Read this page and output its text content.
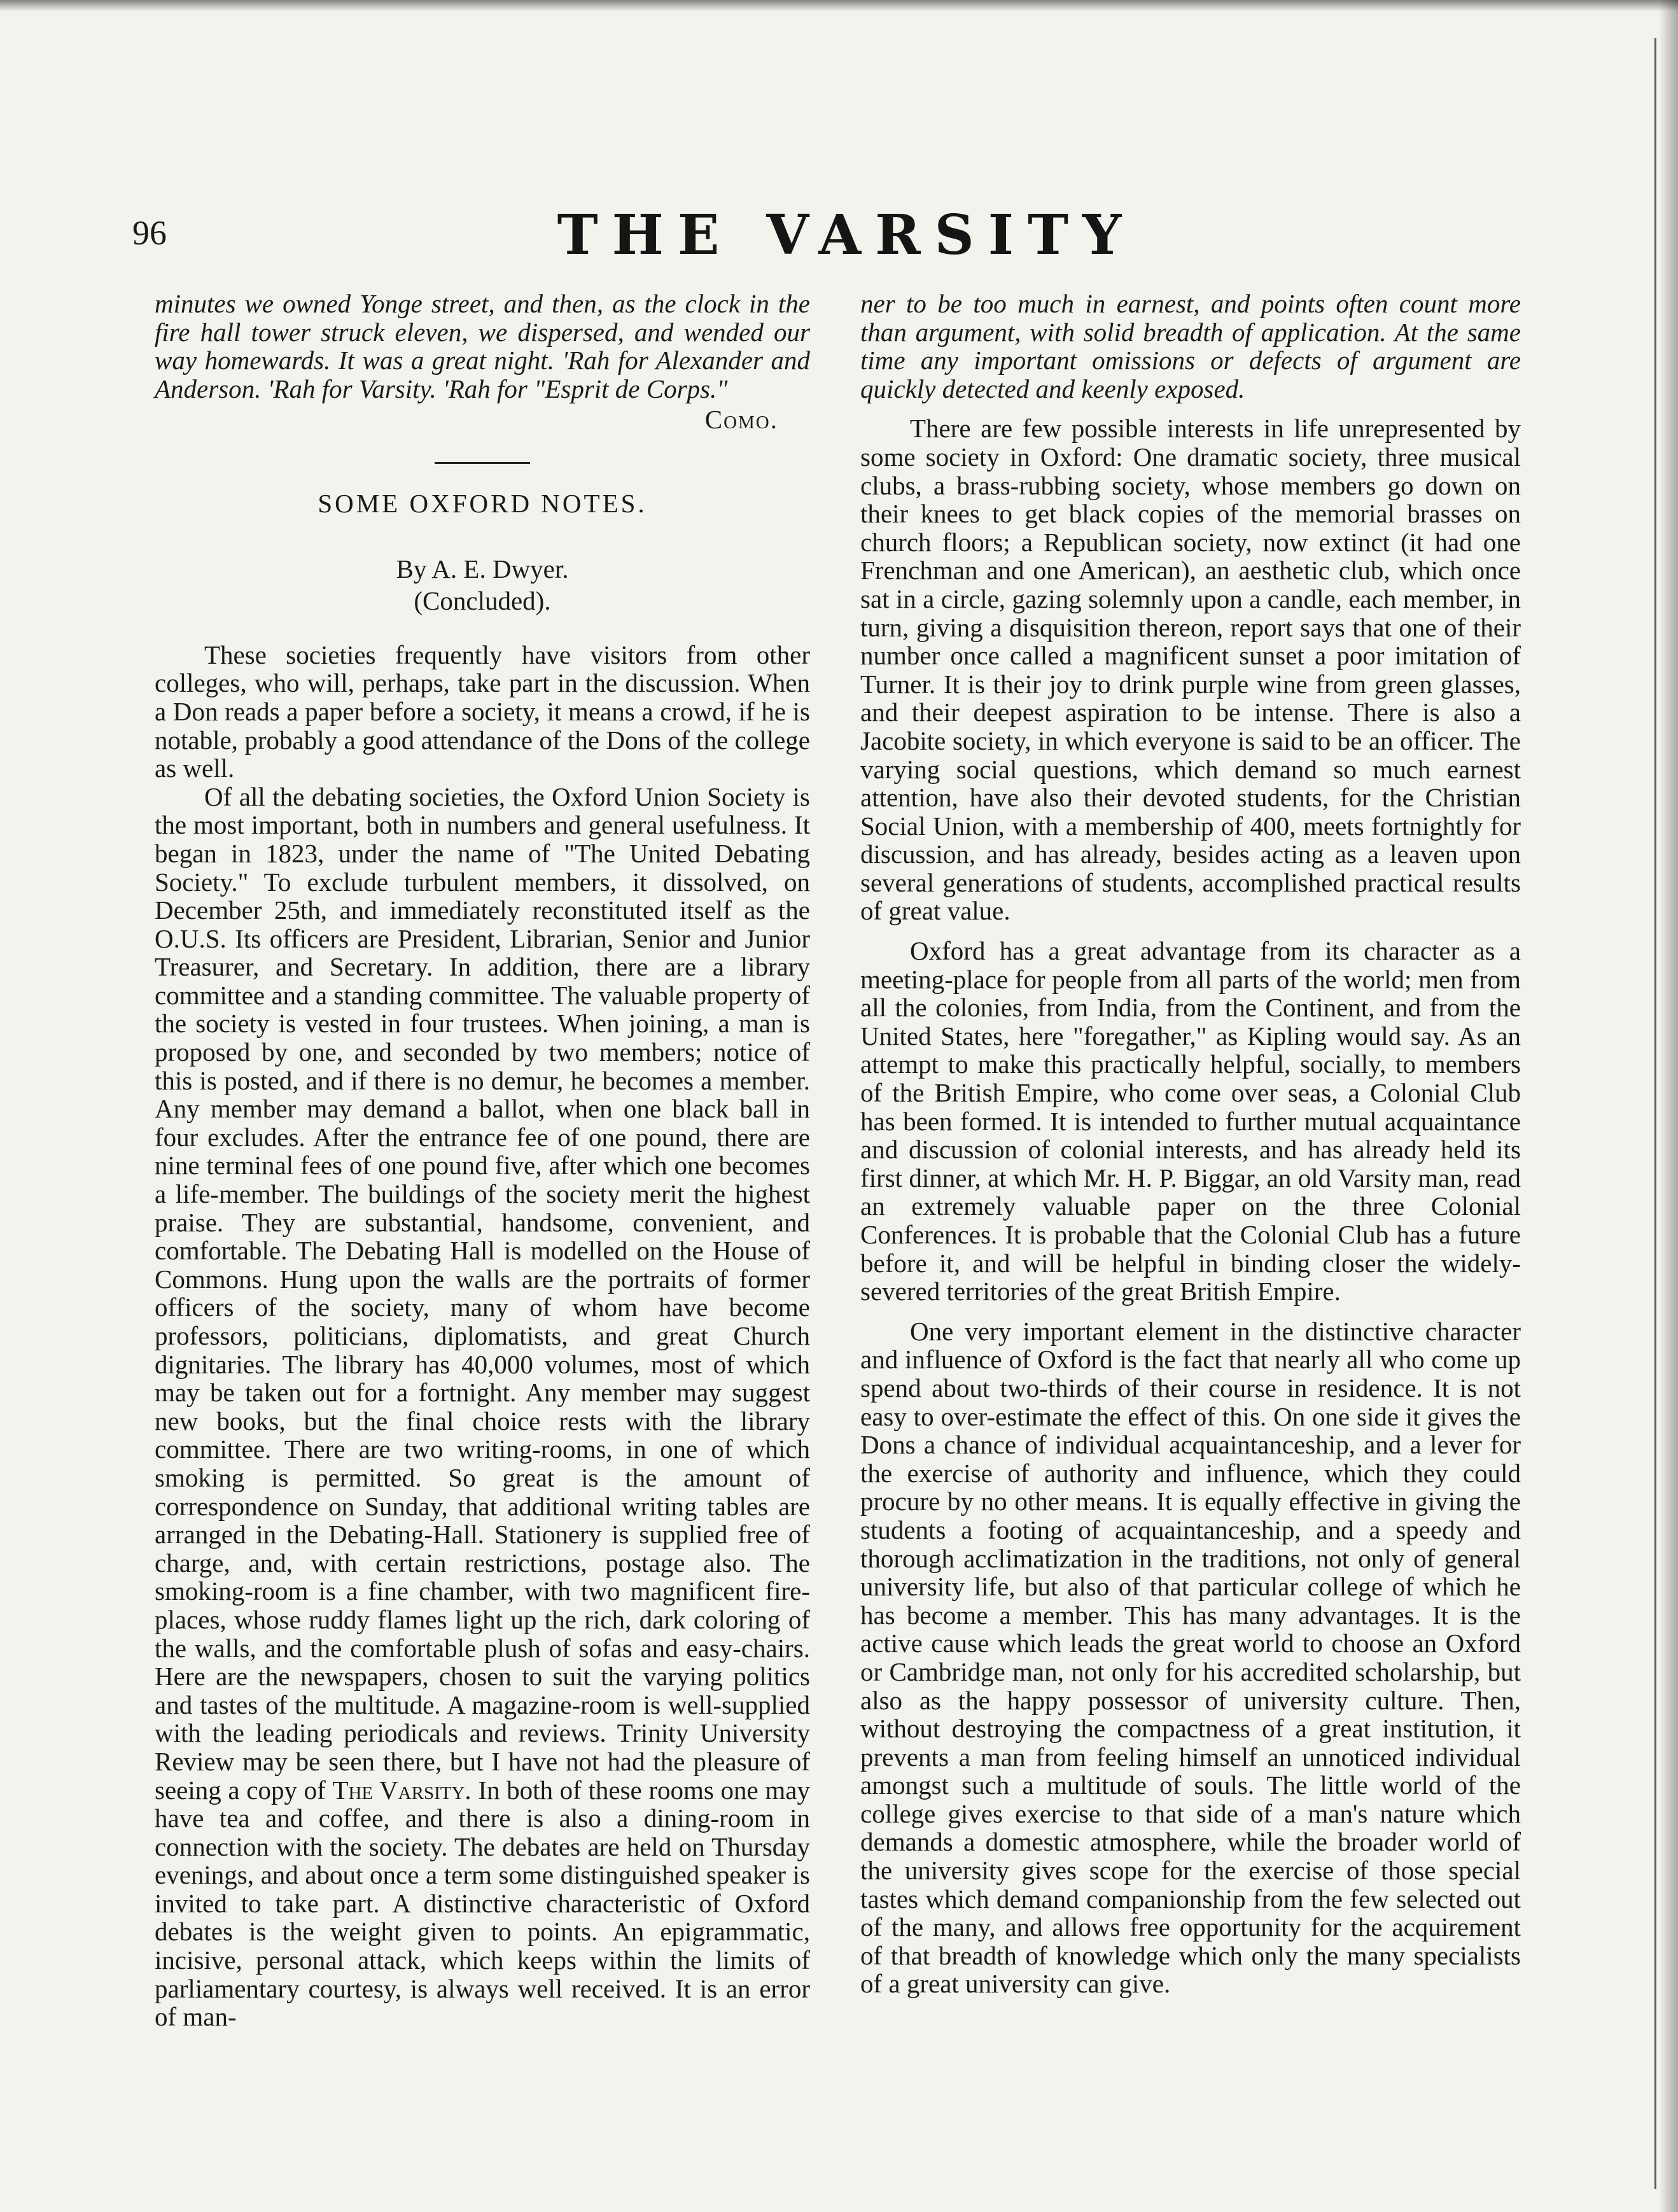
96	THE VARSITY

minutes we owned Yonge street, and then, as the clock in the fire hall tower struck eleven, we dispersed, and wended our way homewards. It was a great night. 'Rah for Alexander and Anderson. 'Rah for Varsity. 'Rah for "Esprit de Corps."

Como.

SOME OXFORD NOTES.

By A. E. Dwyer.

(Concluded).

These societies frequently have visitors from other colleges, who will, perhaps, take part in the discussion. When a Don reads a paper before a society, it means a crowd, if he is notable, probably a good attendance of the Dons of the college as well.

Of all the debating societies, the Oxford Union Society is the most important, both in numbers and general usefulness. It began in 1823, under the name of "The United Debating Society." To exclude turbulent members, it dissolved, on December 25th, and immediately reconstituted itself as the O.U.S. Its officers are President, Librarian, Senior and Junior Treasurer, and Secretary. In addition, there are a library committee and a standing committee. The valuable property of the society is vested in four trustees. When joining, a man is proposed by one, and seconded by two members; notice of this is posted, and if there is no demur, he becomes a member. Any member may demand a ballot, when one black ball in four excludes. After the entrance fee of one pound, there are nine terminal fees of one pound five, after which one becomes a life-member. The buildings of the society merit the highest praise. They are substantial, handsome, convenient, and comfortable. The Debating Hall is modelled on the House of Commons. Hung upon the walls are the portraits of former officers of the society, many of whom have become professors, politicians, diplomatists, and great Church dignitaries. The library has 40,000 volumes, most of which may be taken out for a fortnight. Any member may suggest new books, but the final choice rests with the library committee. There are two writing-rooms, in one of which smoking is permitted. So great is the amount of correspondence on Sunday, that additional writing tables are arranged in the Debating-Hall. Stationery is supplied free of charge, and, with certain restrictions, postage also. The smoking-room is a fine chamber, with two magnificent fire-places, whose ruddy flames light up the rich, dark coloring of the walls, and the comfortable plush of sofas and easy-chairs. Here are the newspapers, chosen to suit the varying politics and tastes of the multitude. A magazine-room is well-supplied with the leading periodicals and reviews. Trinity University Review may be seen there, but I have not had the pleasure of seeing a copy of The Varsity. In both of these rooms one may have tea and coffee, and there is also a dining-room in connection with the society. The debates are held on Thursday evenings, and about once a term some distinguished speaker is invited to take part. A distinctive characteristic of Oxford debates is the weight given to points. An epigrammatic, incisive, personal attack, which keeps within the limits of parliamentary courtesy, is always well received. It is an error of man-

ner to be too much in earnest, and points often count more than argument, with solid breadth of application. At the same time any important omissions or defects of argument are quickly detected and keenly exposed.

There are few possible interests in life unrepresented by some society in Oxford: One dramatic society, three musical clubs, a brass-rubbing society, whose members go down on their knees to get black copies of the memorial brasses on church floors; a Republican society, now extinct (it had one Frenchman and one American), an aesthetic club, which once sat in a circle, gazing solemnly upon a candle, each member, in turn, giving a disquisition thereon, report says that one of their number once called a magnificent sunset a poor imitation of Turner. It is their joy to drink purple wine from green glasses, and their deepest aspiration to be intense. There is also a Jacobite society, in which everyone is said to be an officer. The varying social questions, which demand so much earnest attention, have also their devoted students, for the Christian Social Union, with a membership of 400, meets fortnightly for discussion, and has already, besides acting as a leaven upon several generations of students, accomplished practical results of great value.

Oxford has a great advantage from its character as a meeting-place for people from all parts of the world; men from all the colonies, from India, from the Continent, and from the United States, here "foregather," as Kipling would say. As an attempt to make this practically helpful, socially, to members of the British Empire, who come over seas, a Colonial Club has been formed. It is intended to further mutual acquaintance and discussion of colonial interests, and has already held its first dinner, at which Mr. H. P. Biggar, an old Varsity man, read an extremely valuable paper on the three Colonial Conferences. It is probable that the Colonial Club has a future before it, and will be helpful in binding closer the widely-severed territories of the great British Empire.

One very important element in the distinctive character and influence of Oxford is the fact that nearly all who come up spend about two-thirds of their course in residence. It is not easy to over-estimate the effect of this. On one side it gives the Dons a chance of individual acquaintanceship, and a lever for the exercise of authority and influence, which they could procure by no other means. It is equally effective in giving the students a footing of acquaintanceship, and a speedy and thorough acclimatization in the traditions, not only of general university life, but also of that particular college of which he has become a member. This has many advantages. It is the active cause which leads the great world to choose an Oxford or Cambridge man, not only for his accredited scholarship, but also as the happy possessor of university culture. Then, without destroying the compactness of a great institution, it prevents a man from feeling himself an unnoticed individual amongst such a multitude of souls. The little world of the college gives exercise to that side of a man's nature which demands a domestic atmosphere, while the broader world of the university gives scope for the exercise of those special tastes which demand companionship from the few selected out of the many, and allows free opportunity for the acquirement of that breadth of knowledge which only the many specialists of a great university can give.
